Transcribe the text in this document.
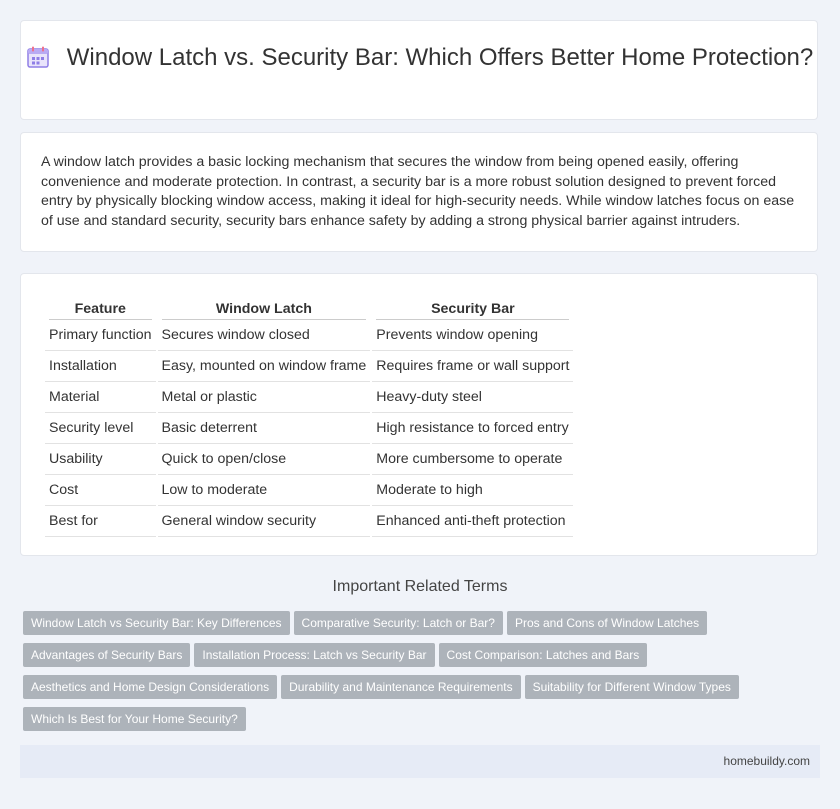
Window Latch vs. Security Bar: Which Offers Better Home Protection?

A window latch provides a basic locking mechanism that secures the window from being opened easily, offering convenience and moderate protection. In contrast, a security bar is a more robust solution designed to prevent forced entry by physically blocking window access, making it ideal for high-security needs. While window latches focus on ease of use and standard security, security bars enhance safety by adding a strong physical barrier against intruders.

Feature	Window Latch	Security Bar

Primary function	Secures window closed	Prevents window opening
Installation	Easy, mounted on window frame	Requires frame or wall support
Material	Metal or plastic	Heavy-duty steel
Security level	Basic deterrent	High resistance to forced entry
Usability	Quick to open/close	More cumbersome to operate
Cost	Low to moderate	Moderate to high
Best for	General window security	Enhanced anti-theft protection
Important Related Terms
Window Latch vs Security Bar: Key Differences Comparative Security: Latch or Bar? Pros and Cons of Window Latches
Advantages of Security Bars Installation Process: Latch vs Security Bar Cost Comparison: Latches and Bars
Aesthetics and Home Design Considerations Durability and Maintenance Requirements Suitability for Different Window Types
Which Is Best for Your Home Security?
homebuildy.com
